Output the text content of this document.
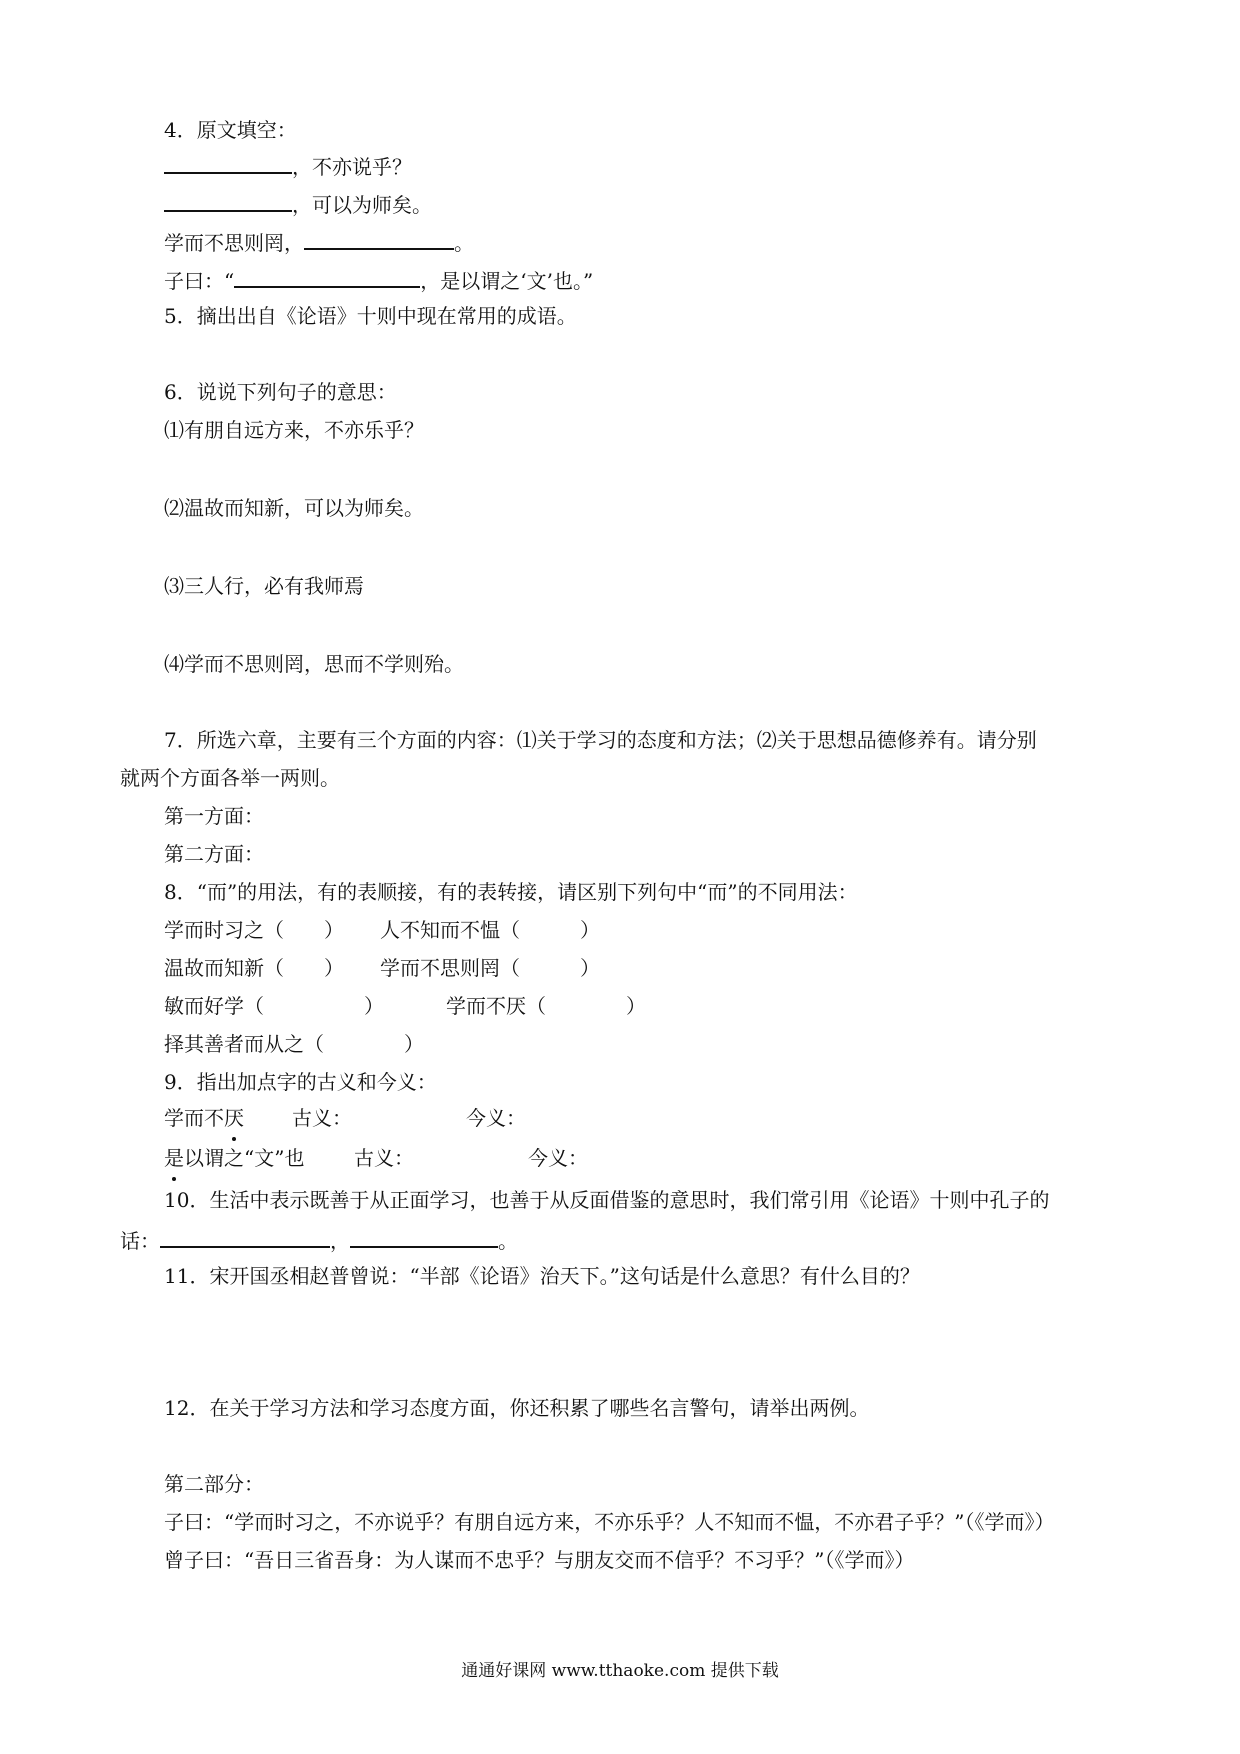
4．原文填空：
，不亦说乎？
，可以为师矣。
学而不思则罔，	。
子曰：“	，是以谓之‘文’也。”
5．摘出出自《论语》十则中现在常用的成语。
6．说说下列句子的意思：
⑴有朋自远方来，不亦乐乎？
⑵温故而知新，可以为师矣。
⑶三人行，必有我师焉
⑷学而不思则罔，思而不学则殆。
7．所选六章，主要有三个方面的内容：⑴关于学习的态度和方法；⑵关于思想品德修养有。请分别
就两个方面各举一两则。
第一方面：
第二方面：
8．“而”的用法，有的表顺接，有的表转接，请区别下列句中“而”的不同用法：
学而时习之（　　） 人不知而不愠（　　　）
温故而知新（　　） 学而不思则罔（　　　）
敏而好学（　　　　　）	学而不厌（　　　　）
择其善者而从之（　　　　）
9．指出加点字的古义和今义：
学而不厌 古义：	今义：
是以谓之“文”也 古义：	今义：
10．生活中表示既善于从正面学习，也善于从反面借鉴的意思时，我们常引用《论语》十则中孔子的
话：	，	。
11．宋开国丞相赵普曾说：“半部《论语》治天下。”这句话是什么意思？有什么目的？
12．在关于学习方法和学习态度方面，你还积累了哪些名言警句，请举出两例。
第二部分：
子曰：“学而时习之，不亦说乎？有朋自远方来，不亦乐乎？人不知而不愠，不亦君子乎？”（《学而》）
曾子曰：“吾日三省吾身：为人谋而不忠乎？与朋友交而不信乎？不习乎？”（《学而》）
通通好课网 www.tthaoke.com 提供下载
